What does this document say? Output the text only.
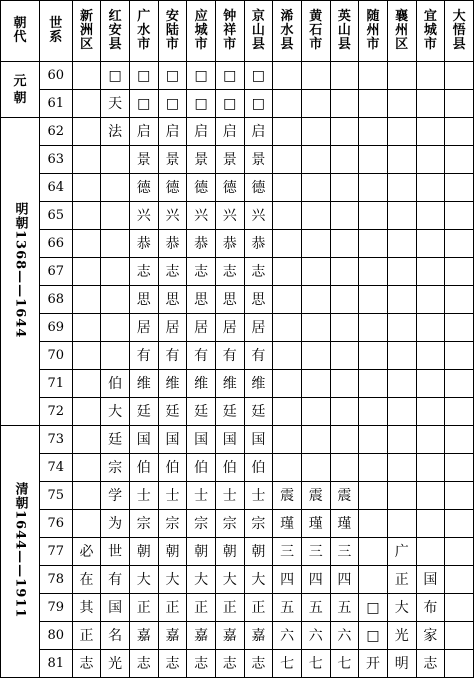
朝
代	世
系	新
洲
区	红
安
县	广
水
市	安
陆
市	应
城
市	钟
祥
市	京
山
县	浠
水
县	黄
石
市	英
山
县	随
州
市	襄
州
区	宜
城
市	大
悟
县

元
朝	60		□	□	□	□	□	□							
	61		天	□	□	□	□	□							
明朝1368——1644	62		法	启	启	启	启	启							
	63			景	景	景	景	景							
	64			德	德	德	德	德							
	65			兴	兴	兴	兴	兴							
	66			恭	恭	恭	恭	恭							
	67			志	志	志	志	志							
	68			思	思	思	思	思							
	69			居	居	居	居	居							
	70			有	有	有	有	有							
	71		伯	维	维	维	维	维							
	72		大	廷	廷	廷	廷	廷							
清朝1644——1911	73		廷	国	国	国	国	国							
	74		宗	伯	伯	伯	伯	伯							
	75		学	士	士	士	士	士	震	震	震				
	76		为	宗	宗	宗	宗	宗	瑾	瑾	瑾				
	77	必	世	朝	朝	朝	朝	朝	三	三	三		广		
	78	在	有	大	大	大	大	大	四	四	四		正	国	
	79	其	国	正	正	正	正	正	五	五	五	□	大	布	
	80	正	名	嘉	嘉	嘉	嘉	嘉	六	六	六	□	光	家	
	81	志	光	志	志	志	志	志	七	七	七	开	明	志	
